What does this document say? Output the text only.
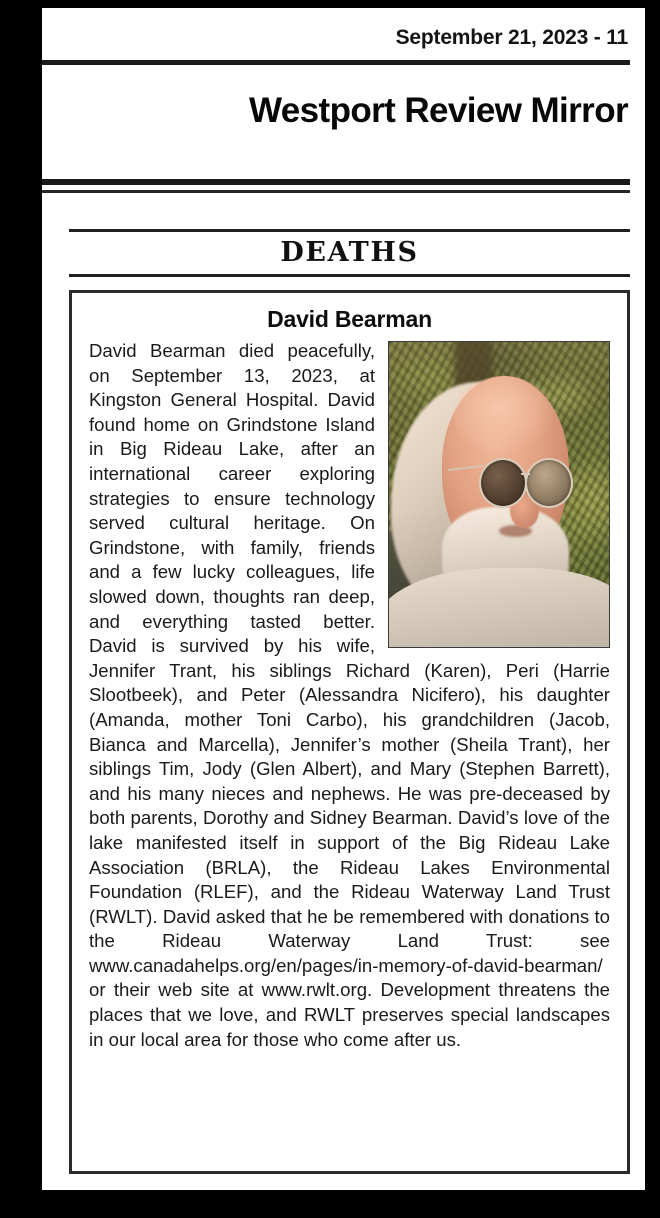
September 21, 2023 - 11
Westport Review Mirror
DEATHS
David Bearman
David Bearman died peacefully, on September 13, 2023, at Kingston General Hospital. David found home on Grindstone Island in Big Rideau Lake, after an international career exploring strategies to ensure technology served cultural heritage. On Grindstone, with family, friends and a few lucky colleagues, life slowed down, thoughts ran deep, and everything tasted better. David is survived by his wife, Jennifer Trant, his siblings Richard (Karen), Peri (Harrie Slootbeek), and Peter (Alessandra Nicifero), his daughter (Amanda, mother Toni Carbo), his grandchildren (Jacob, Bianca and Marcella), Jennifer’s mother (Sheila Trant), her siblings Tim, Jody (Glen Albert), and Mary (Stephen Barrett), and his many nieces and nephews. He was pre-deceased by both parents, Dorothy and Sidney Bearman. David’s love of the lake manifested itself in support of the Big Rideau Lake Association (BRLA), the Rideau Lakes Environmental Foundation (RLEF), and the Rideau Waterway Land Trust (RWLT). David asked that he be remembered with donations to the Rideau Waterway Land Trust: see www.canadahelps.org/en/pages/in-memory-of-david-bearman/ or their web site at www.rwlt.org. Development threatens the places that we love, and RWLT preserves special landscapes in our local area for those who come after us.
